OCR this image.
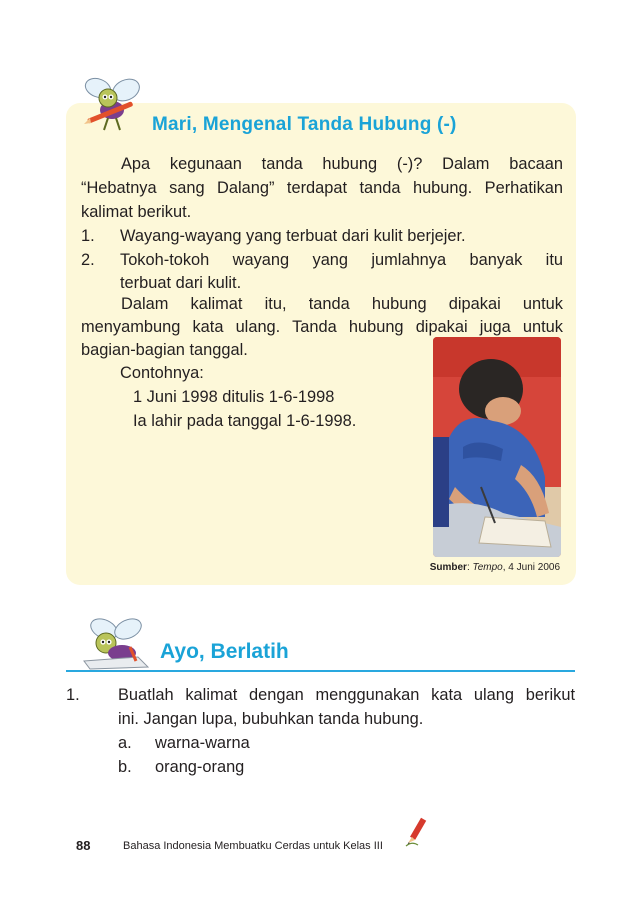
Mari, Mengenal Tanda Hubung (-)

Apa kegunaan tanda hubung (-)? Dalam bacaan

“Hebatnya sang Dalang” terdapat tanda hubung. Perhatikan

kalimat berikut.

1. Wayang-wayang yang terbuat dari kulit berjejer.
2. Tokoh-tokoh wayang yang jumlahnya banyak itu

terbuat dari kulit.

Dalam kalimat itu, tanda hubung dipakai untuk

menyambung kata ulang. Tanda hubung dipakai juga untuk

bagian-bagian tanggal.

Contohnya:
1 Juni 1998 ditulis 1-6-1998
Ia lahir pada tanggal 1-6-1998.
Sumber: Tempo, 4 Juni 2006
Ayo, Berlatih
1. Buatlah kalimat dengan menggunakan kata ulang berikut

ini. Jangan lupa, bubuhkan tanda hubung.
a. warna-warna
b. orang-orang
88	Bahasa Indonesia Membuatku Cerdas untuk Kelas III
